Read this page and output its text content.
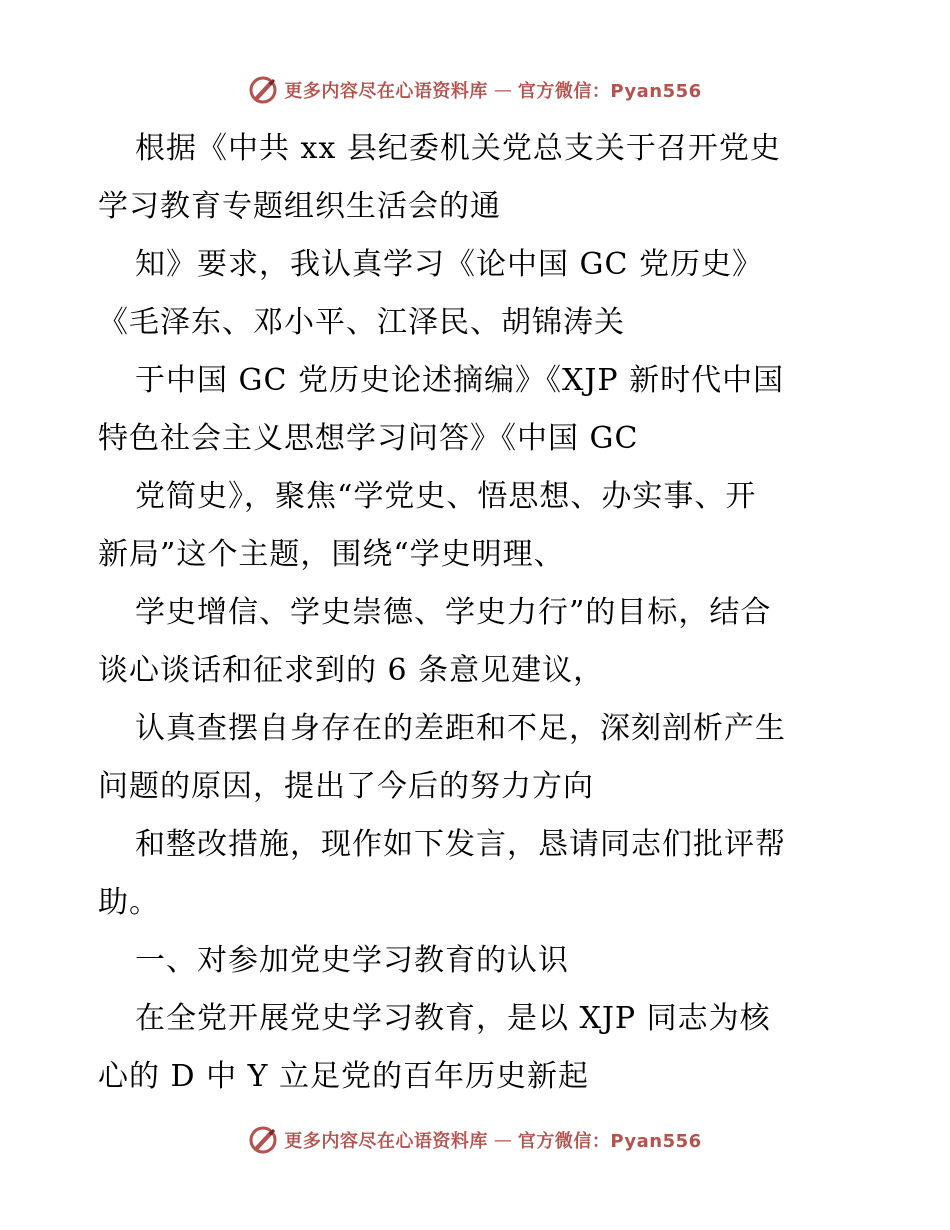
更多内容尽在心语资料库 — 官方微信：Pyan556
根据《中共 xx 县纪委机关党总支关于召开党史
学习教育专题组织生活会的通
知》要求，我认真学习《论中国 GC 党历史》
《毛泽东、邓小平、江泽民、胡锦涛关
于中国 GC 党历史论述摘编》《XJP 新时代中国
特色社会主义思想学习问答》《中国 GC
党简史》，聚焦“学党史、悟思想、办实事、开
新局”这个主题，围绕“学史明理、
学史增信、学史崇德、学史力行”的目标，结合
谈心谈话和征求到的 6 条意见建议，
认真查摆自身存在的差距和不足，深刻剖析产生
问题的原因，提出了今后的努力方向
和整改措施，现作如下发言，恳请同志们批评帮
助。
一、对参加党史学习教育的认识
在全党开展党史学习教育，是以 XJP 同志为核
心的 D 中 Y 立足党的百年历史新起
更多内容尽在心语资料库 — 官方微信：Pyan556
